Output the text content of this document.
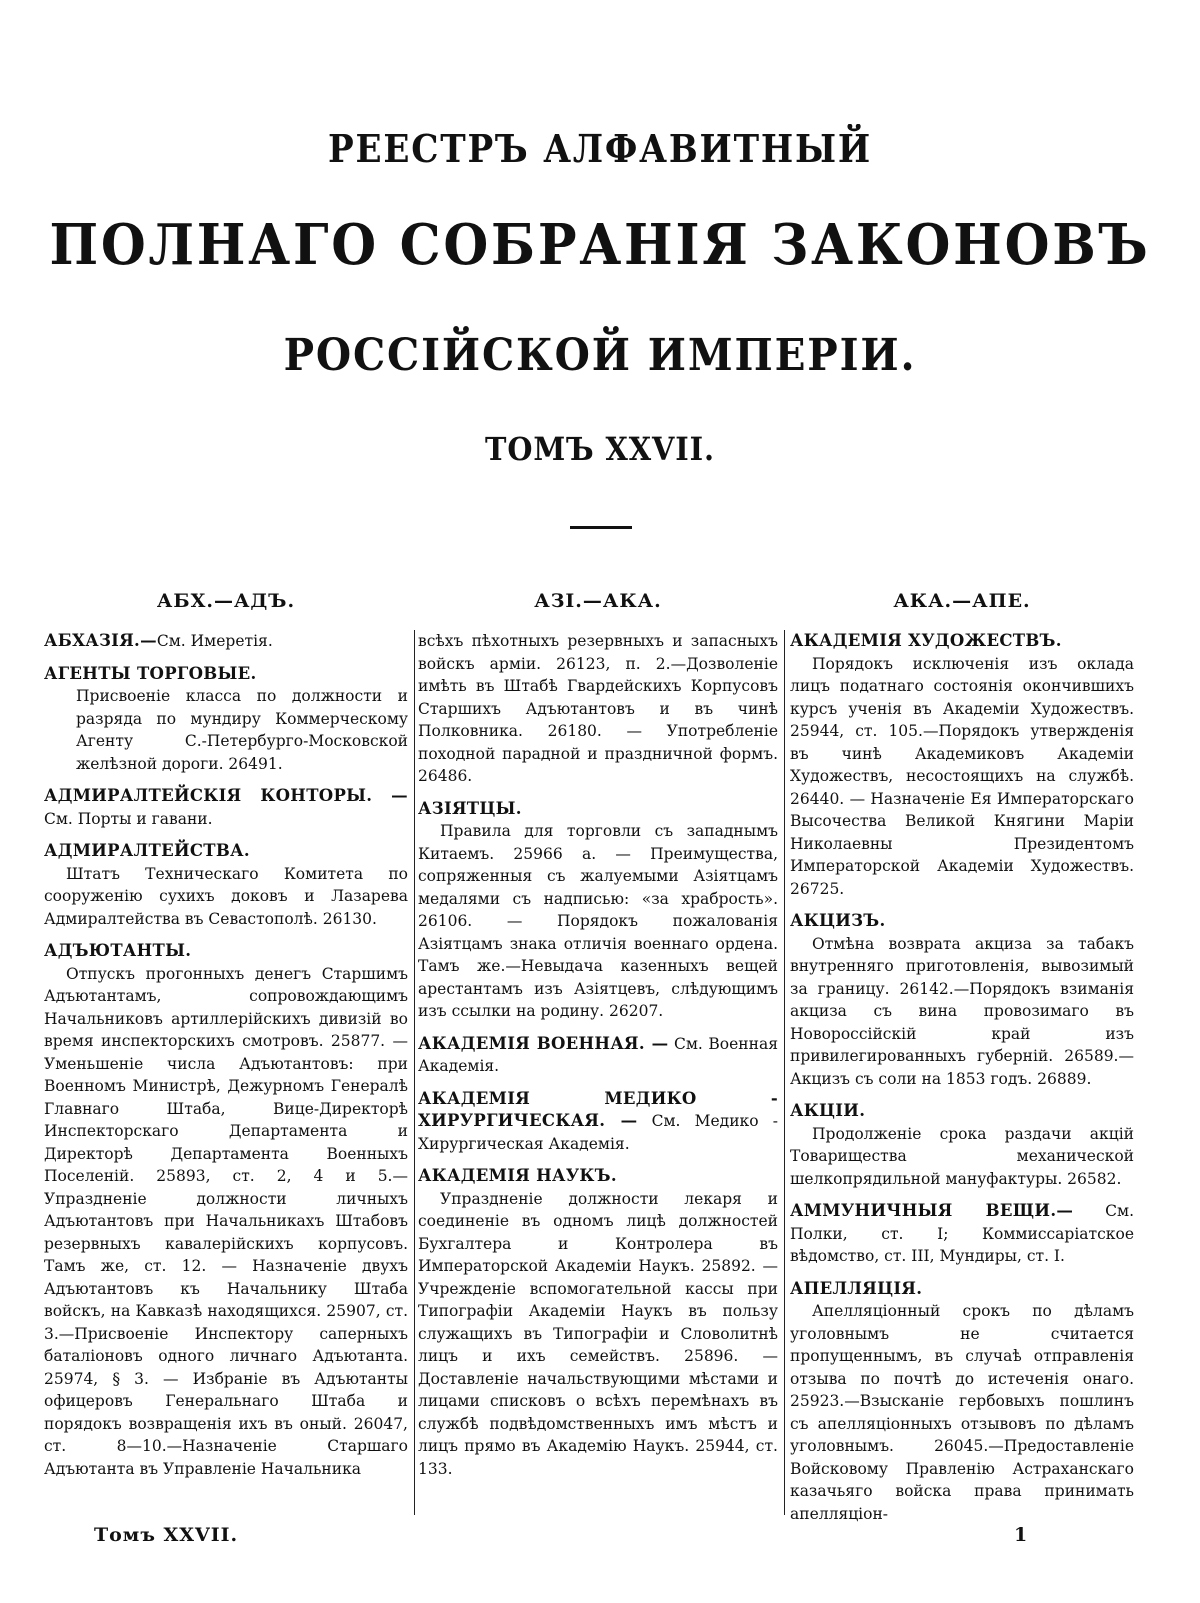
РЕЕСТРЪ АЛФАВИТНЫЙ
ПОЛНАГО СОБРАНІЯ ЗАКОНОВЪ
РОССІЙСКОЙ ИМПЕРІИ.
ТОМЪ XXVII.
АБХ.—АДЪ.
АБХАЗІЯ.—См. Имеретія.
АГЕНТЫ ТОРГОВЫЕ.
Присвоеніе класса по должности и разряда по мундиру Коммерческому Агенту С.-Петербурго-Московской желѣзной дороги. 26491.
АДМИРАЛТЕЙСКІЯ КОНТОРЫ. — См. Порты и гавани.
АДМИРАЛТЕЙСТВА.
Штатъ Техническаго Комитета по сооруженію сухихъ доковъ и Лазарева Адмиралтейства въ Севастополѣ. 26130.
АДЪЮТАНТЫ.
Отпускъ прогонныхъ денегъ Старшимъ Адъютантамъ, сопровождающимъ Начальниковъ артиллерійскихъ дивизій во время инспекторскихъ смотровъ. 25877. — Уменьшеніе числа Адъютантовъ: при Военномъ Министрѣ, Дежурномъ Генералѣ Главнаго Штаба, Вице-Директорѣ Инспекторскаго Департамента и Директорѣ Департамента Военныхъ Поселеній. 25893, ст. 2, 4 и 5.— Упраздненіе должности личныхъ Адъютантовъ при Начальникахъ Штабовъ резервныхъ кавалерійскихъ корпусовъ. Тамъ же, ст. 12. — Назначеніе двухъ Адъютантовъ къ Начальнику Штаба войскъ, на Кавказѣ находящихся. 25907, ст. 3.—Присвоеніе Инспектору саперныхъ баталіоновъ одного личнаго Адъютанта. 25974, § 3. — Избраніе въ Адъютанты офицеровъ Генеральнаго Штаба и порядокъ возвращенія ихъ въ оный. 26047, ст. 8—10.—Назначеніе Старшаго Адъютанта въ Управленіе Начальника
АЗІ.—АКА.
всѣхъ пѣхотныхъ резервныхъ и запасныхъ войскъ арміи. 26123, п. 2.—Дозволеніе имѣть въ Штабѣ Гвардейскихъ Корпусовъ Старшихъ Адъютантовъ и въ чинѣ Полковника. 26180. — Употребленіе походной парадной и праздничной формъ. 26486.
АЗІЯТЦЫ.
Правила для торговли съ западнымъ Китаемъ. 25966 а. — Преимущества, сопряженныя съ жалуемыми Азіятцамъ медалями съ надписью: «за храбрость». 26106. — Порядокъ пожалованія Азіятцамъ знака отличія военнаго ордена. Тамъ же.—Невыдача казенныхъ вещей арестантамъ изъ Азіятцевъ, слѣдующимъ изъ ссылки на родину. 26207.
АКАДЕМІЯ ВОЕННАЯ. — См. Военная Академія.
АКАДЕМІЯ МЕДИКО - ХИРУРГИЧЕСКАЯ. — См. Медико - Хирургическая Академія.
АКАДЕМІЯ НАУКЪ.
Упраздненіе должности лекаря и соединеніе въ одномъ лицѣ должностей Бухгалтера и Контролера въ Императорской Академіи Наукъ. 25892. — Учрежденіе вспомогательной кассы при Типографіи Академіи Наукъ въ пользу служащихъ въ Типографіи и Словолитнѣ лицъ и ихъ семействъ. 25896. — Доставленіе начальствующими мѣстами и лицами списковъ о всѣхъ перемѣнахъ въ службѣ подвѣдомственныхъ имъ мѣстъ и лицъ прямо въ Академію Наукъ. 25944, ст. 133.
АКА.—АПЕ.
АКАДЕМІЯ ХУДОЖЕСТВЪ.
Порядокъ исключенія изъ оклада лицъ податнаго состоянія окончившихъ курсъ ученія въ Академіи Художествъ. 25944, ст. 105.—Порядокъ утвержденія въ чинѣ Академиковъ Академіи Художествъ, несостоящихъ на службѣ. 26440. — Назначеніе Ея Императорскаго Высочества Великой Княгини Маріи Николаевны Президентомъ Императорской Академіи Художествъ. 26725.
АКЦИЗЪ.
Отмѣна возврата акциза за табакъ внутренняго приготовленія, вывозимый за границу. 26142.—Порядокъ взиманія акциза съ вина провозимаго въ Новороссійскій край изъ привилегированныхъ губерній. 26589.—Акцизъ съ соли на 1853 годъ. 26889.
АКЦІИ.
Продолженіе срока раздачи акцій Товарищества механической шелкопрядильной мануфактуры. 26582.
АММУНИЧНЫЯ ВЕЩИ.— См. Полки, ст. I; Коммиссаріатское вѣдомство, ст. III, Мундиры, ст. I.
АПЕЛЛЯЦІЯ.
Апелляціонный срокъ по дѣламъ уголовнымъ не считается пропущеннымъ, въ случаѣ отправленія отзыва по почтѣ до истеченія онаго. 25923.—Взысканіе гербовыхъ пошлинъ съ апелляціонныхъ отзывовъ по дѣламъ уголовнымъ. 26045.—Предоставленіе Войсковому Правленію Астраханскаго казачьяго войска права принимать апелляціон-
Томъ XXVII.	1
